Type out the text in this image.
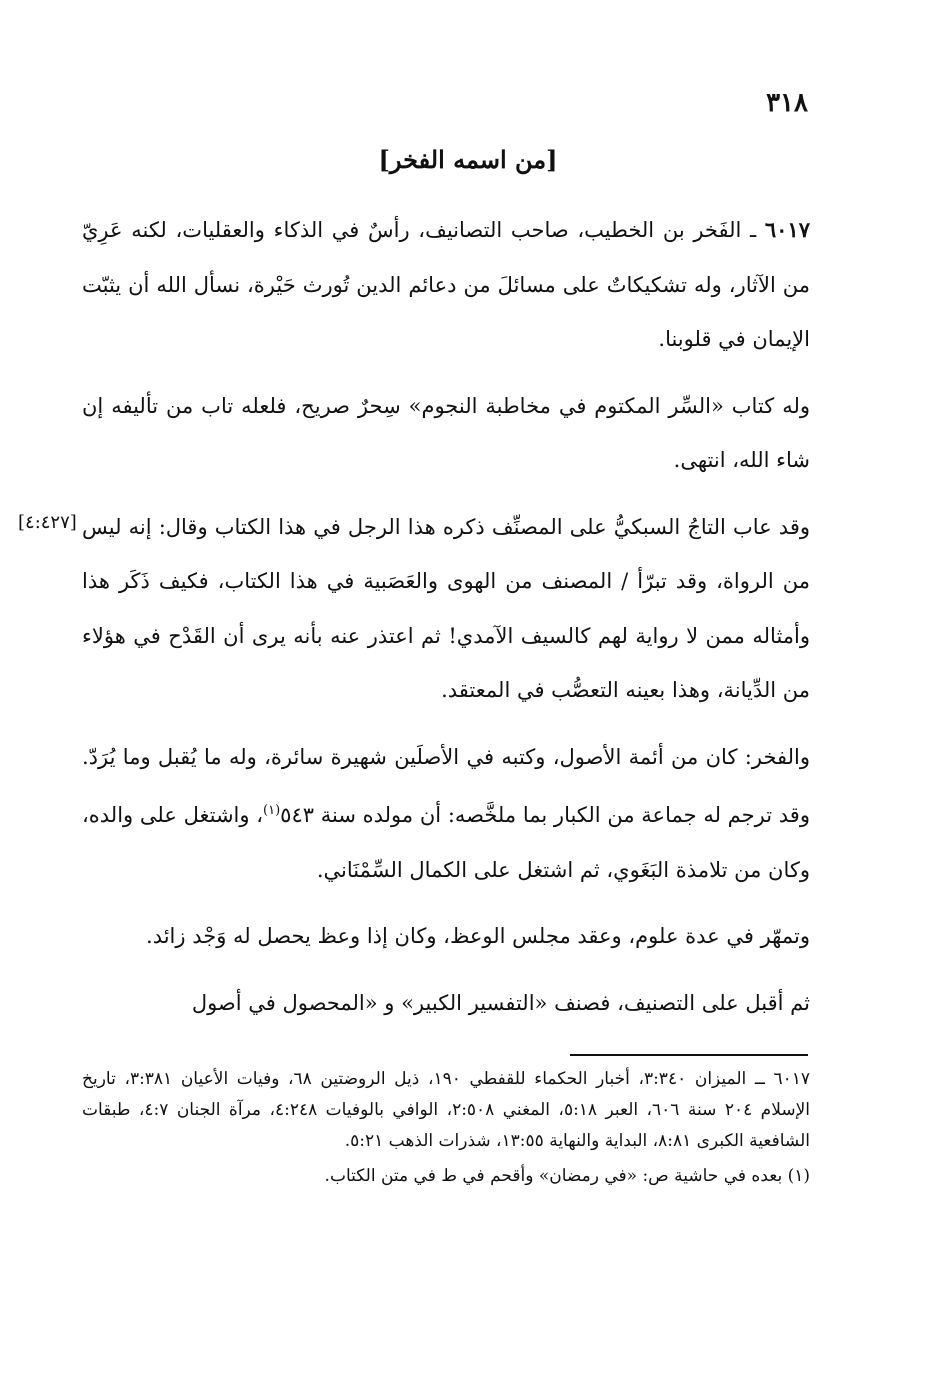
٣١٨
[من اسمه الفخر]
[٤:٤٢٧]

٦٠١٧ ـ الفَخر بن الخطيب، صاحب التصانيف، رأسٌ في الذكاء والعقليات، لكنه عَرِيّ من الآثار، وله تشكيكاتٌ على مسائلَ من دعائم الدين تُورث حَيْرة، نسأل الله أن يثبّت الإيمان في قلوبنا.

وله كتاب «السِّر المكتوم في مخاطبة النجوم» سِحرٌ صريح، فلعله تاب من تأليفه إن شاء الله، انتهى.

وقد عاب التاجُ السبكيُّ على المصنِّف ذكره هذا الرجل في هذا الكتاب وقال: إنه ليس من الرواة، وقد تبرّأ / المصنف من الهوى والعَصَبية في هذا الكتاب، فكيف ذَكَر هذا وأمثاله ممن لا رواية لهم كالسيف الآمدي! ثم اعتذر عنه بأنه يرى أن القَدْح في هؤلاء من الدِّيانة، وهذا بعينه التعصُّب في المعتقد.

والفخر: كان من أئمة الأصول، وكتبه في الأصلَين شهيرة سائرة، وله ما يُقبل وما يُرَدّ. وقد ترجم له جماعة من الكبار بما ملخَّصه: أن مولده سنة ٥٤٣$^{(١)}$، واشتغل على والده، وكان من تلامذة البَغَوي، ثم اشتغل على الكمال السِّمْنَاني.

وتمهّر في عدة علوم، وعقد مجلس الوعظ، وكان إذا وعظ يحصل له وَجْد زائد.

ثم أقبل على التصنيف، فصنف «التفسير الكبير» و «المحصول في أصول

٦٠١٧ ــ الميزان ٣:٣٤٠، أخبار الحكماء للقفطي ١٩٠، ذيل الروضتين ٦٨، وفيات الأعيان ٣:٣٨١، تاريخ الإسلام ٢٠٤ سنة ٦٠٦، العبر ٥:١٨، المغني ٢:٥٠٨، الوافي بالوفيات ٤:٢٤٨، مرآة الجنان ٤:٧، طبقات الشافعية الكبرى ٨:٨١، البداية والنهاية ١٣:٥٥، شذرات الذهب ٥:٢١.

(١) بعده في حاشية ص: «في رمضان» وأقحم في ط في متن الكتاب.
